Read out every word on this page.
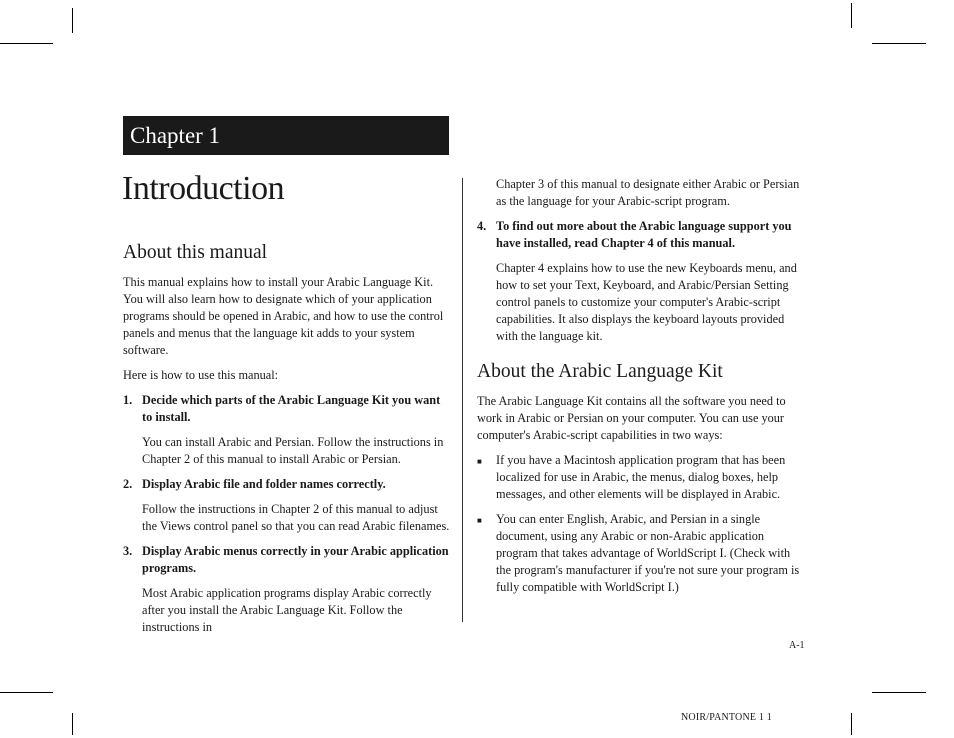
Chapter 1
Introduction
About this manual

This manual explains how to install your Arabic Language Kit. You will also learn how to designate which of your application programs should be opened in Arabic, and how to use the control panels and menus that the language kit adds to your system software.

Here is how to use this manual:

1. Decide which parts of the Arabic Language Kit you want to install.

You can install Arabic and Persian. Follow the instructions in Chapter 2 of this manual to install Arabic or Persian.

2. Display Arabic file and folder names correctly.

Follow the instructions in Chapter 2 of this manual to adjust the Views control panel so that you can read Arabic filenames.

3. Display Arabic menus correctly in your Arabic application programs.

Most Arabic application programs display Arabic correctly after you install the Arabic Language Kit. Follow the instructions in

Chapter 3 of this manual to designate either Arabic or Persian as the language for your Arabic-script program.

4. To find out more about the Arabic language support you have installed, read Chapter 4 of this manual.

Chapter 4 explains how to use the new Keyboards menu, and how to set your Text, Keyboard, and Arabic/Persian Setting control panels to customize your computer's Arabic-script capabilities. It also displays the keyboard layouts provided with the language kit.

About the Arabic Language Kit

The Arabic Language Kit contains all the software you need to work in Arabic or Persian on your computer. You can use your computer's Arabic-script capabilities in two ways:

■	If you have a Macintosh application program that has been localized for use in Arabic, the menus, dialog boxes, help messages, and other elements will be displayed in Arabic.
■	You can enter English, Arabic, and Persian in a single document, using any Arabic or non-Arabic application program that takes advantage of WorldScript I. (Check with the program's manufacturer if you're not sure your program is fully compatible with WorldScript I.)
A-1
NOIR/PANTONE 1 1
